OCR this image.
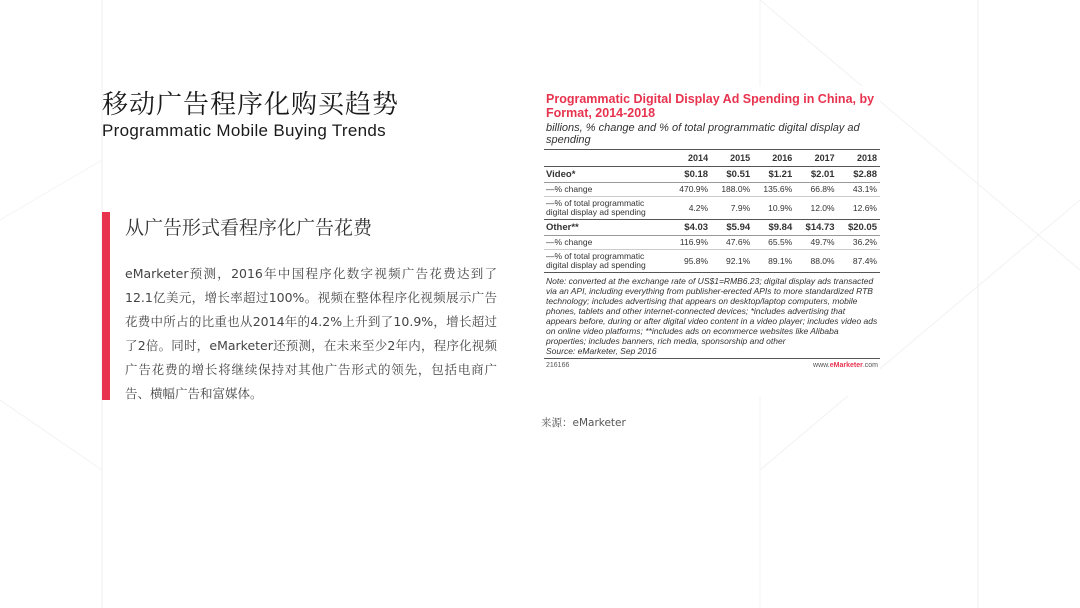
移动广告程序化购买趋势
Programmatic Mobile Buying Trends
从广告形式看程序化广告花费
eMarketer预测，2016年中国程序化数字视频广告花费达到了12.1亿美元，增长率超过100%。视频在整体程序化视频展示广告花费中所占的比重也从2014年的4.2%上升到了10.9%，增长超过了2倍。同时，eMarketer还预测，在未来至少2年内，程序化视频广告花费的增长将继续保持对其他广告形式的领先，包括电商广告、横幅广告和富媒体。
Programmatic Digital Display Ad Spending in China, by Format, 2014-2018
billions, % change and % of total programmatic digital display ad spending
	2014	2015	2016	2017	2018
Video*	$0.18	$0.51	$1.21	$2.01	$2.88
—% change	470.9%	188.0%	135.6%	66.8%	43.1%
—% of total programmatic digital display ad spending	4.2%	7.9%	10.9%	12.0%	12.6%
Other**	$4.03	$5.94	$9.84	$14.73	$20.05
—% change	116.9%	47.6%	65.5%	49.7%	36.2%
—% of total programmatic digital display ad spending	95.8%	92.1%	89.1%	88.0%	87.4%
Note: converted at the exchange rate of US$1=RMB6.23; digital display ads transacted via an API, including everything from publisher-erected APIs to more standardized RTB technology; includes advertising that appears on desktop/laptop computers, mobile phones, tablets and other internet-connected devices; *includes advertising that appears before, during or after digital video content in a video player; includes video ads on online video platforms; **includes ads on ecommerce websites like Alibaba properties; includes banners, rich media, sponsorship and other
Source: eMarketer, Sep 2016
216166	www.eMarketer.com
来源：eMarketer
